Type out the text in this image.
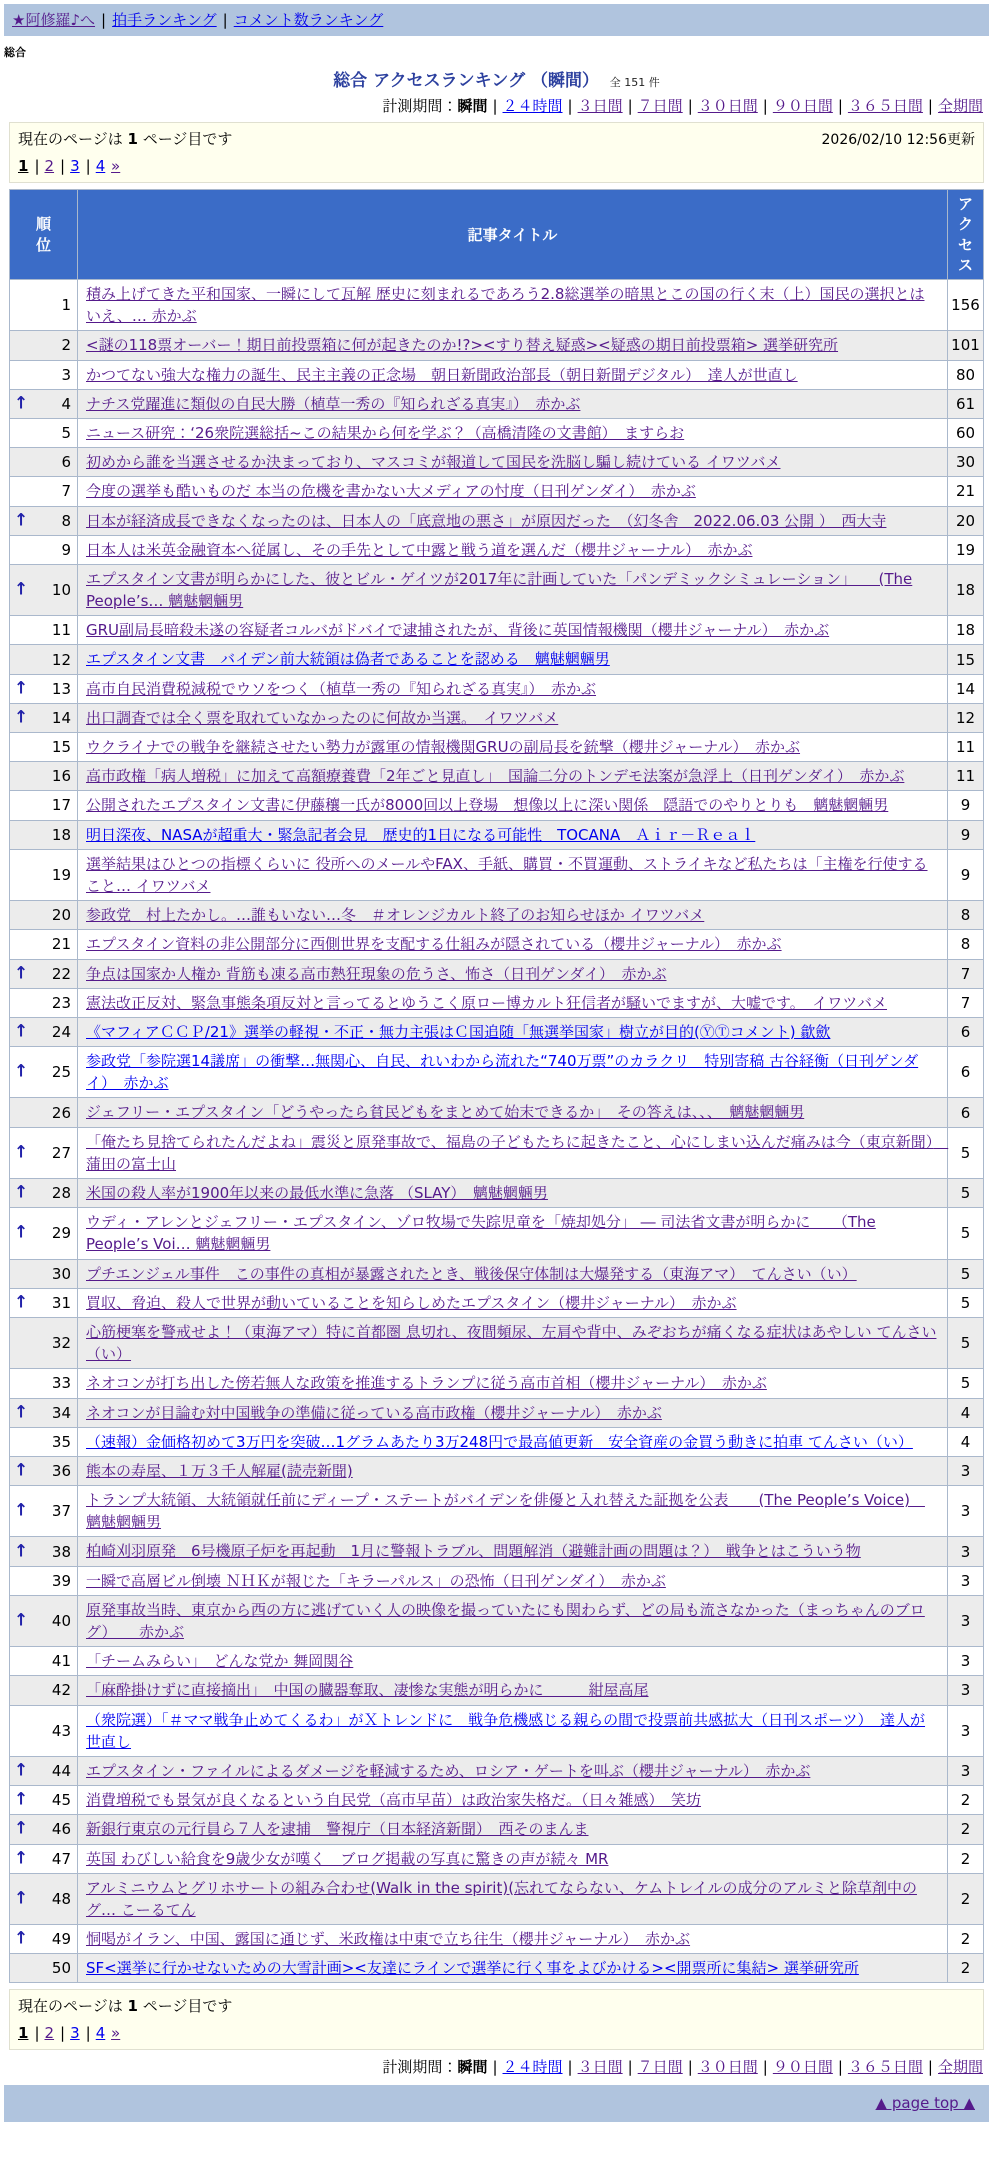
★阿修羅♪へ | 拍手ランキング | コメント数ランキング
総合
総合 アクセスランキング （瞬間） 全 151 件
計測期間：瞬間 | ２４時間 | ３日間 | ７日間 | ３０日間 | ９０日間 | ３６５日間 | 全期間
現在のページは 1 ページ目です	2026/02/10 12:56更新
1 | 2 | 3 | 4 »
順位	記事タイトル	アクセス
1	積み上げてきた平和国家、一瞬にして瓦解 歴史に刻まれるであろう2.8総選挙の暗黒とこの国の行く末（上）国民の選択とはいえ、… 赤かぶ	156
2	<謎の118票オーバー！期日前投票箱に何が起きたのか!?><すり替え疑惑><疑惑の期日前投票箱> 選挙研究所	101
3	かつてない強大な権力の誕生、民主主義の正念場　朝日新聞政治部長（朝日新聞デジタル）　達人が世直し	80

↑ 4	ナチス党躍進に類似の自民大勝（植草一秀の『知られざる真実』）　赤かぶ	61
5	ニュース研究：‘26衆院選総括~この結果から何を学ぶ？（高橋清隆の文書館）　ますらお	60
6	初めから誰を当選させるか決まっており、マスコミが報道して国民を洗脳し騙し続けている イワツバメ	30
7	今度の選挙も酷いものだ 本当の危機を書かない大メディアの忖度（日刊ゲンダイ）　赤かぶ	21

↑ 8	日本が経済成長できなくなったのは、日本人の「底意地の悪さ」が原因だった　（幻冬舎　2022.06.03 公開 ）　西大寺	20
9	日本人は米英金融資本へ従属し、その手先として中露と戦う道を選んだ（櫻井ジャーナル）　赤かぶ	19

↑ 10	エプスタイン文書が明らかにした、彼とビル・ゲイツが2017年に計画していた「パンデミックシミュレーション」　　(The People’s… 魑魅魍魎男	18
11	GRU副局長暗殺未遂の容疑者コルバがドバイで逮捕されたが、背後に英国情報機関（櫻井ジャーナル）　赤かぶ	18
12	エプスタイン文書　バイデン前大統領は偽者であることを認める　魑魅魍魎男	15

↑ 13	高市自民消費税減税でウソをつく（植草一秀の『知られざる真実』）　赤かぶ	14

↑ 14	出口調査では全く票を取れていなかったのに何故か当選。　イワツバメ	12
15	ウクライナでの戦争を継続させたい勢力が露軍の情報機関GRUの副局長を銃撃（櫻井ジャーナル）　赤かぶ	11
16	高市政権「病人増税」に加えて高額療養費「2年ごと見直し」　国論二分のトンデモ法案が急浮上（日刊ゲンダイ）　赤かぶ	11
17	公開されたエプスタイン文書に伊藤穰一氏が8000回以上登場　想像以上に深い関係　隠語でのやりとりも　魑魅魍魎男	9
18	明日深夜、NASAが超重大・緊急記者会見　歴史的1日になる可能性　TOCANA　Ａｉｒ－Ｒｅａｌ	9
19	選挙結果はひとつの指標くらいに 役所へのメールやFAX、手紙、購買・不買運動、ストライキなど私たちは「主権を行使すること… イワツバメ	9
20	参政党　村上たかし。…誰もいない…冬　＃オレンジカルト終了のお知らせほか イワツバメ	8
21	エプスタイン資料の非公開部分に西側世界を支配する仕組みが隠されている（櫻井ジャーナル）　赤かぶ	8

↑ 22	争点は国家か人権か 背筋も凍る高市熱狂現象の危うさ、怖さ（日刊ゲンダイ）　赤かぶ	7
23	憲法改正反対、緊急事態条項反対と言ってるとゆうこく原ロー博カルト狂信者が騒いでますが、大嘘です。　イワツバメ	7

↑ 24	《マフィアＣＣＰ/21》選挙の軽視・不正・無力主張はＣ国追随「無選挙国家」樹立が目的(ⓎⓉコメント) 歙歛	6

↑ 25	参政党「参院選14議席」の衝撃…無関心、自民、れいわから流れた“740万票”のカラクリ　特別寄稿 古谷経衡（日刊ゲンダイ）　赤かぶ	6
26	ジェフリー・エプスタイン「どうやったら貧民どもをまとめて始末できるか」　その答えは、、、　魑魅魍魎男	6

↑ 27	「俺たち見捨てられたんだよね」震災と原発事故で、福島の子どもたちに起きたこと、心にしまい込んだ痛みは今（東京新聞）　蒲田の富士山	5

↑ 28	米国の殺人率が1900年以来の最低水準に急落 （SLAY）　魑魅魍魎男	5

↑ 29	ウディ・アレンとジェフリー・エプスタイン、ゾロ牧場で失踪児童を「焼却処分」 ― 司法省文書が明らかに　　（The People’s Voi… 魑魅魍魎男	5
30	プチエンジェル事件　この事件の真相が暴露されたとき、戦後保守体制は大爆発する（東海アマ）　てんさい（い）	5

↑ 31	買収、脅迫、殺人で世界が動いていることを知らしめたエプスタイン（櫻井ジャーナル）　赤かぶ	5
32	心筋梗塞を警戒せよ！（東海アマ）特に首都圏 息切れ、夜間頻尿、左肩や背中、みぞおちが痛くなる症状はあやしい てんさい（い）	5
33	ネオコンが打ち出した傍若無人な政策を推進するトランプに従う高市首相（櫻井ジャーナル）　赤かぶ	5

↑ 34	ネオコンが目論む対中国戦争の準備に従っている高市政権（櫻井ジャーナル）　赤かぶ	4
35	（速報）金価格初めて3万円を突破…1グラムあたり3万248円で最高値更新　安全資産の金買う動きに拍車 てんさい（い）	4

↑ 36	熊本の寿屋、１万３千人解雇(読売新聞)	3

↑ 37	トランプ大統領、大統領就任前にディープ・ステートがバイデンを俳優と入れ替えた証拠を公表　　(The People’s Voice)　魑魅魍魎男	3

↑ 38	柏崎刈羽原発　6号機原子炉を再起動　1月に警報トラブル、問題解消（避難計画の問題は？）　戦争とはこういう物	3
39	一瞬で高層ビル倒壊 ＮＨＫが報じた「キラーパルス」の恐怖（日刊ゲンダイ）　赤かぶ	3

↑ 40	原発事故当時、東京から西の方に逃げていく人の映像を撮っていたにも関わらず、どの局も流さなかった（まっちゃんのブログ）　　赤かぶ	3
41	「チームみらい」　どんな党か 舞岡関谷	3
42	「麻酔掛けずに直接摘出」　中国の臓器奪取、凄惨な実態が明らかに　　　紺屋高尾	3
43	（衆院選）「＃ママ戦争止めてくるわ」がＸトレンドに　戦争危機感じる親らの間で投票前共感拡大（日刊スポーツ）　達人が世直し	3

↑ 44	エプスタイン・ファイルによるダメージを軽減するため、ロシア・ゲートを叫ぶ（櫻井ジャーナル）　赤かぶ	3

↑ 45	消費増税でも景気が良くなるという自民党（高市早苗）は政治家失格だ。（日々雑感）　笑坊	2

↑ 46	新銀行東京の元行員ら７人を逮捕　警視庁（日本経済新聞）　西そのまんま	2

↑ 47	英国 わびしい給食を9歳少女が嘆く　ブログ掲載の写真に驚きの声が続々 MR	2

↑ 48	アルミニウムとグリホサートの組み合わせ(Walk in the spirit)(忘れてならない、ケムトレイルの成分のアルミと除草剤中のグ… こーるてん	2

↑ 49	恫喝がイラン、中国、露国に通じず、米政権は中東で立ち往生（櫻井ジャーナル）　赤かぶ	2
50	SF<選挙に行かせないための大雪計画><友達にラインで選挙に行く事をよびかける><開票所に集結> 選挙研究所	2
現在のページは 1 ページ目です
1 | 2 | 3 | 4 »
計測期間：瞬間 | ２４時間 | ３日間 | ７日間 | ３０日間 | ９０日間 | ３６５日間 | 全期間
▲ page top ▲
